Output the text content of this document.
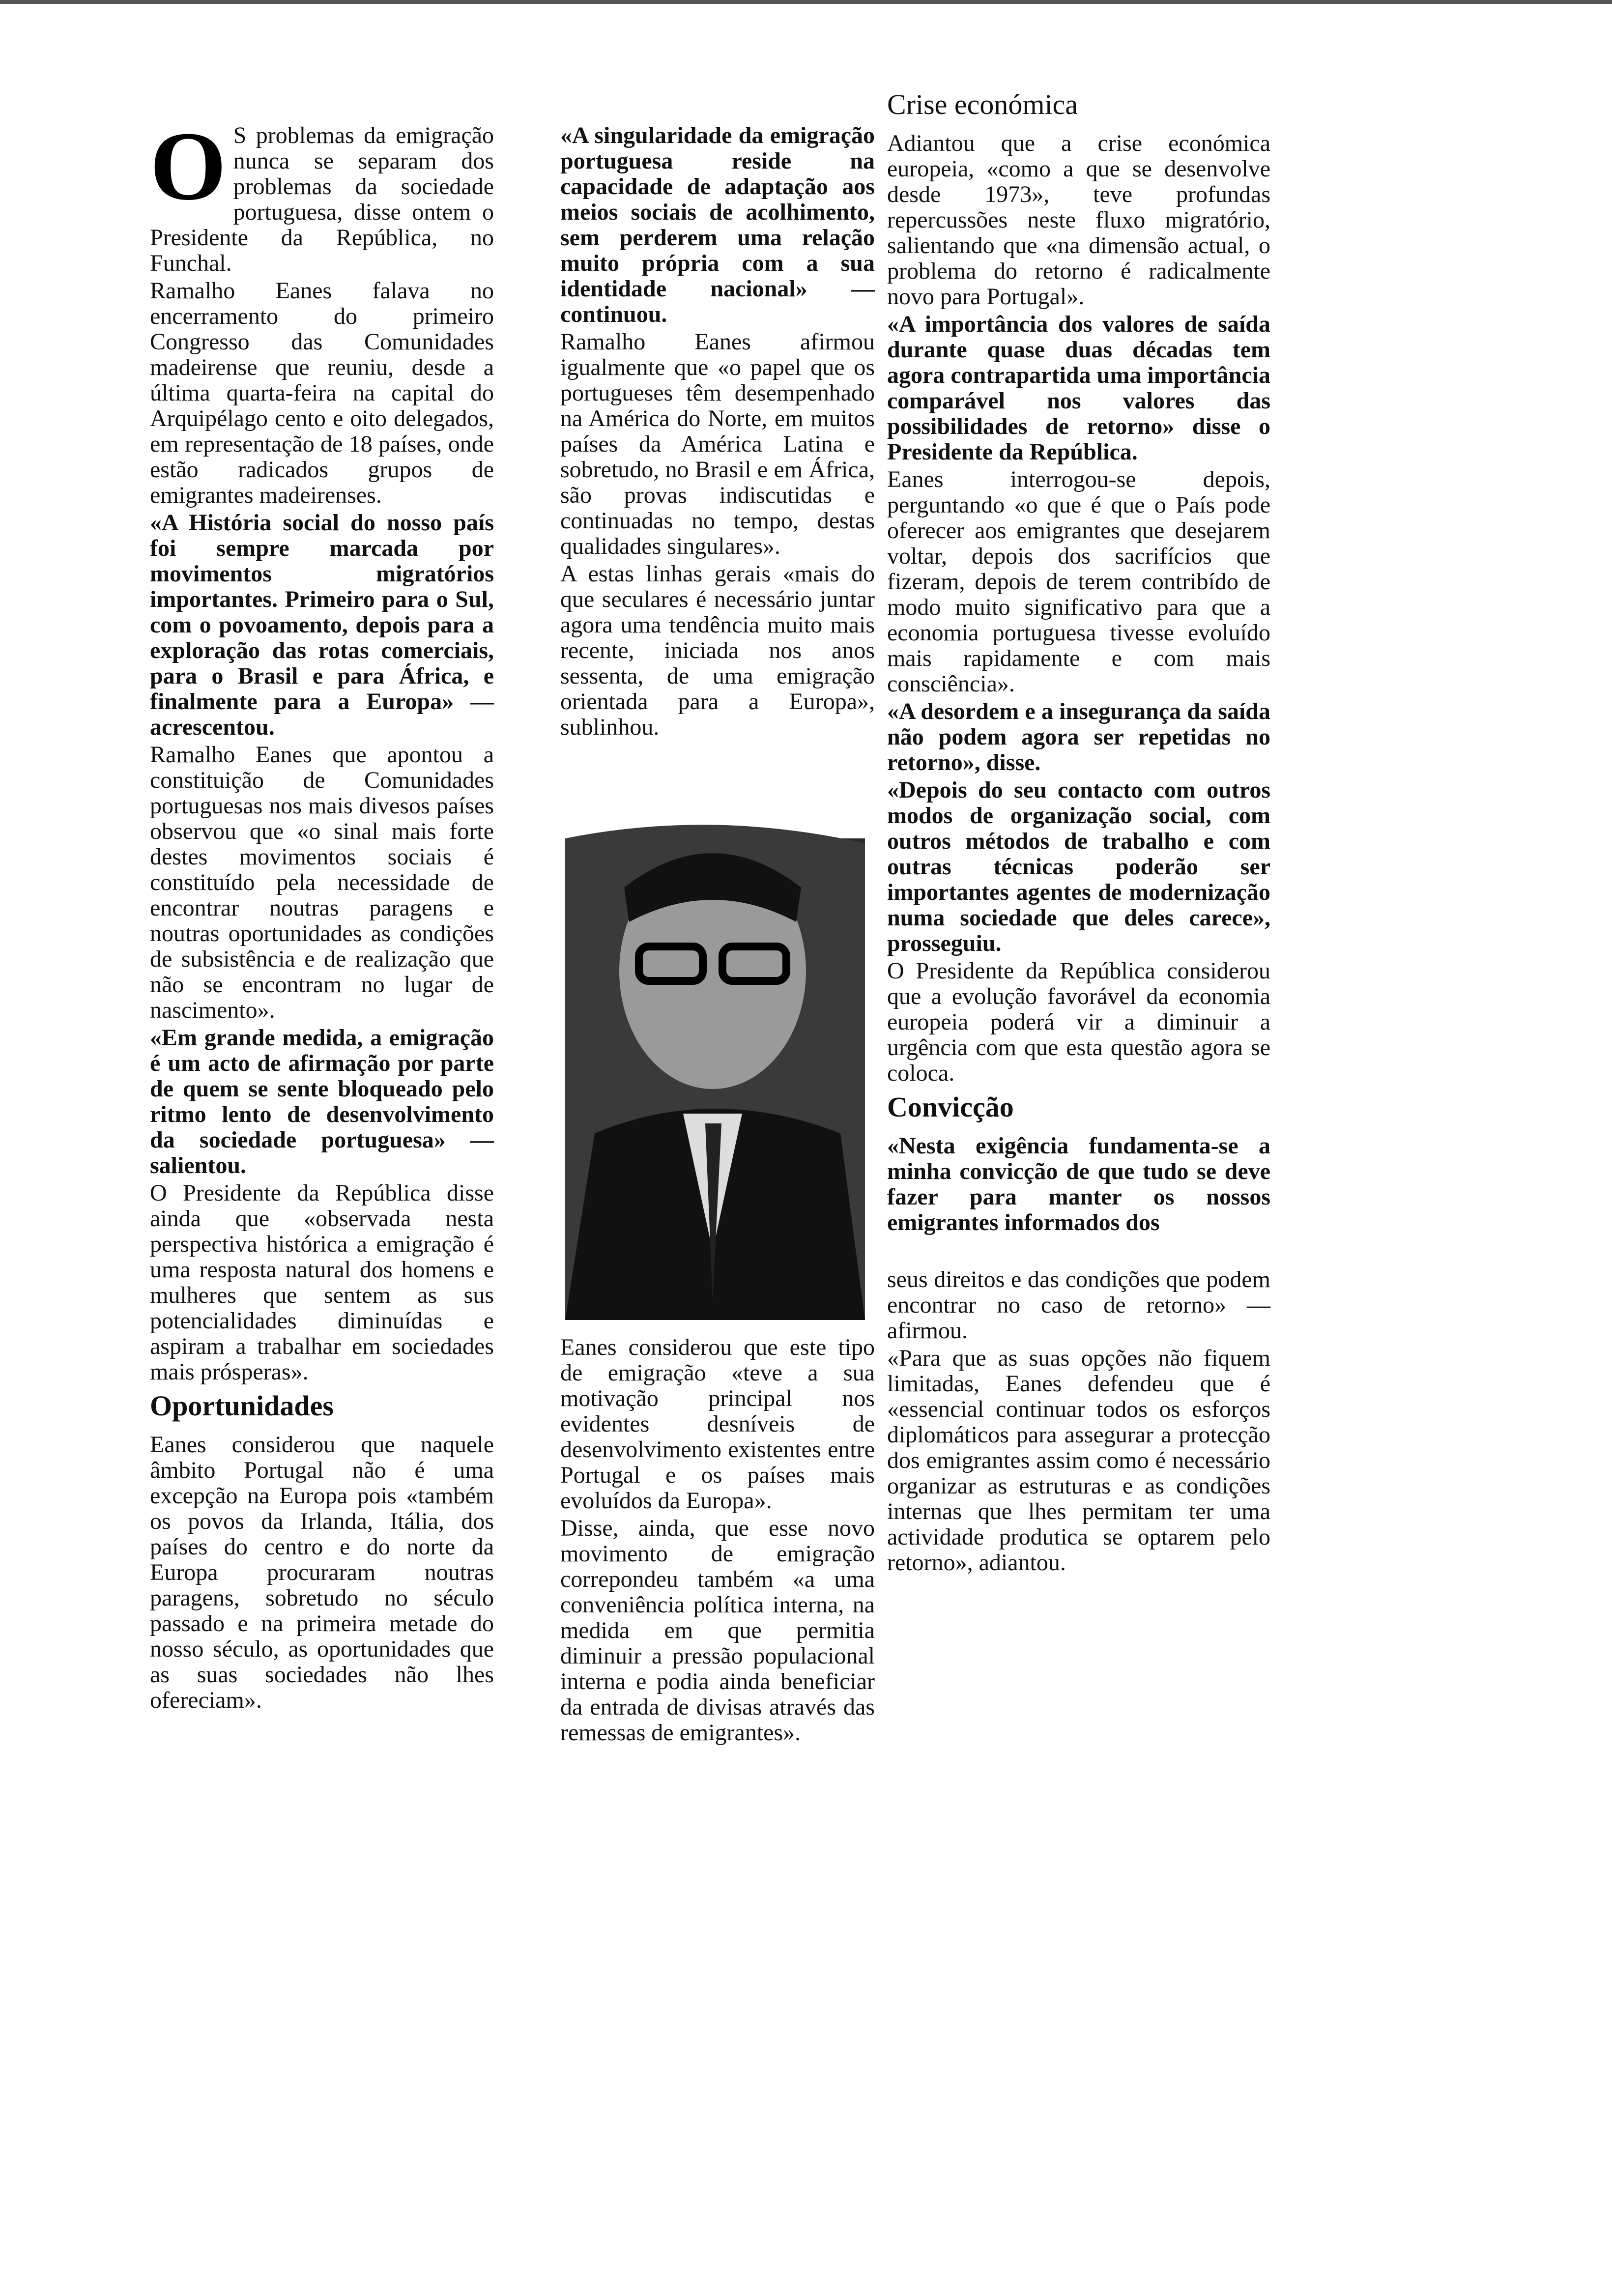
O S problemas da emigração nunca se separam dos problemas da sociedade portuguesa, disse ontem o Presidente da República, no Funchal.

Ramalho Eanes falava no encerramento do primeiro Congresso das Comunidades madeirense que reuniu, desde a última quarta-feira na capital do Arquipélago cento e oito delegados, em representação de 18 países, onde estão radicados grupos de emigrantes madeirenses.

«A História social do nosso país foi sempre marcada por movimentos migratórios importantes. Primeiro para o Sul, com o povoamento, depois para a exploração das rotas comerciais, para o Brasil e para África, e finalmente para a Europa» — acrescentou.

Ramalho Eanes que apontou a constituição de Comunidades portuguesas nos mais divesos países observou que «o sinal mais forte destes movimentos sociais é constituído pela necessidade de encontrar noutras paragens e noutras oportunidades as condições de subsistência e de realização que não se encontram no lugar de nascimento».

«Em grande medida, a emigração é um acto de afirmação por parte de quem se sente bloqueado pelo ritmo lento de desenvolvimento da sociedade portuguesa» — salientou.

O Presidente da República disse ainda que «observada nesta perspectiva histórica a emigração é uma resposta natural dos homens e mulheres que sentem as sus potencialidades diminuídas e aspiram a trabalhar em sociedades mais prósperas».

Oportunidades

Eanes considerou que naquele âmbito Portugal não é uma excepção na Europa pois «também os povos da Irlanda, Itália, dos países do centro e do norte da Europa procuraram noutras paragens, sobretudo no século passado e na primeira metade do nosso século, as oportunidades que as suas sociedades não lhes ofereciam».

«A singularidade da emigração portuguesa reside na capacidade de adaptação aos meios sociais de acolhimento, sem perderem uma relação muito própria com a sua identidade nacional» — continuou.

Ramalho Eanes afirmou igualmente que «o papel que os portugueses têm desempenhado na América do Norte, em muitos países da América Latina e sobretudo, no Brasil e em África, são provas indiscutidas e continuadas no tempo, destas qualidades singulares».

A estas linhas gerais «mais do que seculares é necessário juntar agora uma tendência muito mais recente, iniciada nos anos sessenta, de uma emigração orientada para a Europa», sublinhou.

Eanes considerou que este tipo de emigração «teve a sua motivação principal nos evidentes desníveis de desenvolvimento existentes entre Portugal e os países mais evoluídos da Europa».

Disse, ainda, que esse novo movimento de emigração correpondeu também «a uma conveniência política interna, na medida em que permitia diminuir a pressão populacional interna e podia ainda beneficiar da entrada de divisas através das remessas de emigrantes».

Crise económica

Adiantou que a crise económica europeia, «como a que se desenvolve desde 1973», teve profundas repercussões neste fluxo migratório, salientando que «na dimensão actual, o problema do retorno é radicalmente novo para Portugal».

«A importância dos valores de saída durante quase duas décadas tem agora contrapartida uma importância comparável nos valores das possibilidades de retorno» disse o Presidente da República.

Eanes interrogou-se depois, perguntando «o que é que o País pode oferecer aos emigrantes que desejarem voltar, depois dos sacrifícios que fizeram, depois de terem contribído de modo muito significativo para que a economia portuguesa tivesse evoluído mais rapidamente e com mais consciência».

«A desordem e a insegurança da saída não podem agora ser repetidas no retorno», disse.

«Depois do seu contacto com outros modos de organização social, com outros métodos de trabalho e com outras técnicas poderão ser importantes agentes de modernização numa sociedade que deles carece», prosseguiu.

O Presidente da República considerou que a evolução favorável da economia europeia poderá vir a diminuir a urgência com que esta questão agora se coloca.

Convicção

«Nesta exigência fundamenta-se a minha convicção de que tudo se deve fazer para manter os nossos emigrantes informados dos

seus direitos e das condições que podem encontrar no caso de retorno» — afirmou.

«Para que as suas opções não fiquem limitadas, Eanes defendeu que é «essencial continuar todos os esforços diplomáticos para assegurar a protecção dos emigrantes assim como é necessário organizar as estruturas e as condições internas que lhes permitam ter uma actividade produtica se optarem pelo retorno», adiantou.
